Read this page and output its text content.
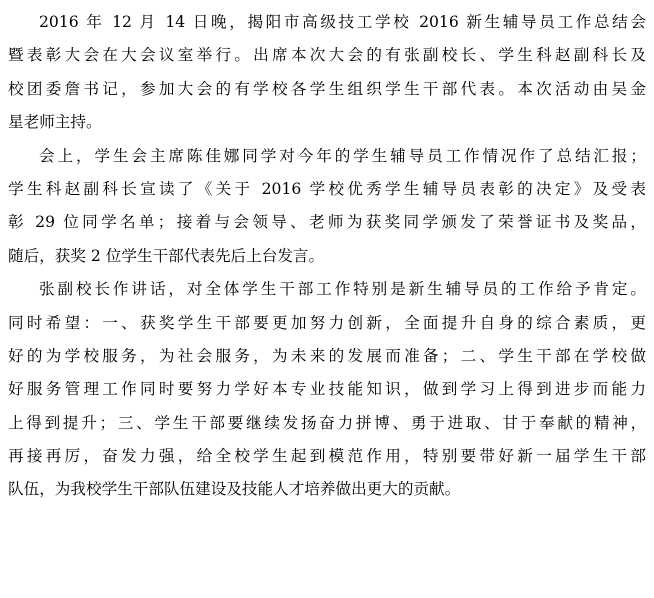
2016 年 12 月 14 日晚，揭阳市高级技工学校 2016 新生辅导员工作总结会
暨表彰大会在大会议室举行。出席本次大会的有张副校长、学生科赵副科长及
校团委詹书记，参加大会的有学校各学生组织学生干部代表。本次活动由吴金
星老师主持。
会上，学生会主席陈佳娜同学对今年的学生辅导员工作情况作了总结汇报；
学生科赵副科长宣读了《关于 2016 学校优秀学生辅导员表彰的决定》及受表
彰 29 位同学名单；接着与会领导、老师为获奖同学颁发了荣誉证书及奖品，
随后，获奖 2 位学生干部代表先后上台发言。
张副校长作讲话，对全体学生干部工作特别是新生辅导员的工作给予肯定。
同时希望：一、获奖学生干部要更加努力创新，全面提升自身的综合素质，更
好的为学校服务，为社会服务，为未来的发展而准备；二、学生干部在学校做
好服务管理工作同时要努力学好本专业技能知识，做到学习上得到进步而能力
上得到提升；三、学生干部要继续发扬奋力拼博、勇于进取、甘于奉献的精神，
再接再厉，奋发力强，给全校学生起到模范作用，特别要带好新一届学生干部
队伍，为我校学生干部队伍建设及技能人才培养做出更大的贡献。
